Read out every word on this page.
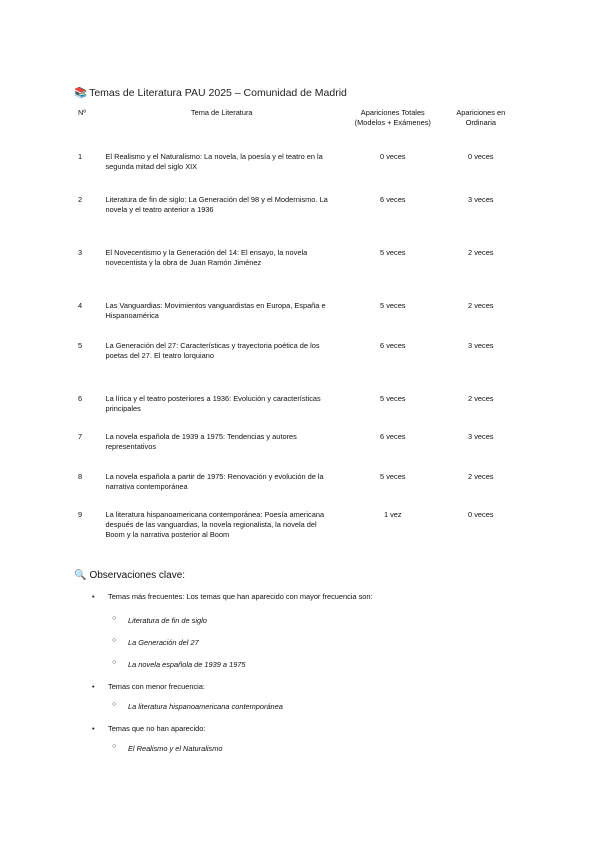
📚 Temas de Literatura PAU 2025 – Comunidad de Madrid
Nº	Tema de Literatura	Apariciones Totales (Modelos + Exámenes)	Apariciones en Ordinaria
1	El Realismo y el Naturalismo: La novela, la poesía y el teatro en la segunda mitad del siglo XIX	0 veces	0 veces
2	Literatura de fin de siglo: La Generación del 98 y el Modernismo. La novela y el teatro anterior a 1936	6 veces	3 veces
3	El Novecentismo y la Generación del 14: El ensayo, la novela novecentista y la obra de Juan Ramón Jiménez	5 veces	2 veces
4	Las Vanguardias: Movimientos vanguardistas en Europa, España e Hispanoamérica	5 veces	2 veces
5	La Generación del 27: Características y trayectoria poética de los poetas del 27. El teatro lorquiano	6 veces	3 veces
6	La lírica y el teatro posteriores a 1936: Evolución y características principales	5 veces	2 veces
7	La novela española de 1939 a 1975: Tendencias y autores representativos	6 veces	3 veces
8	La novela española a partir de 1975: Renovación y evolución de la narrativa contemporánea	5 veces	2 veces
9	La literatura hispanoamericana contemporánea: Poesía americana después de las vanguardias, la novela regionalista, la novela del Boom y la narrativa posterior al Boom	1 vez	0 veces
🔍 Observaciones clave:
• Temas más frecuentes: Los temas que han aparecido con mayor frecuencia son:
○ Literatura de fin de siglo
○ La Generación del 27
○ La novela española de 1939 a 1975
• Temas con menor frecuencia:
○ La literatura hispanoamericana contemporánea
• Temas que no han aparecido:
○ El Realismo y el Naturalismo
